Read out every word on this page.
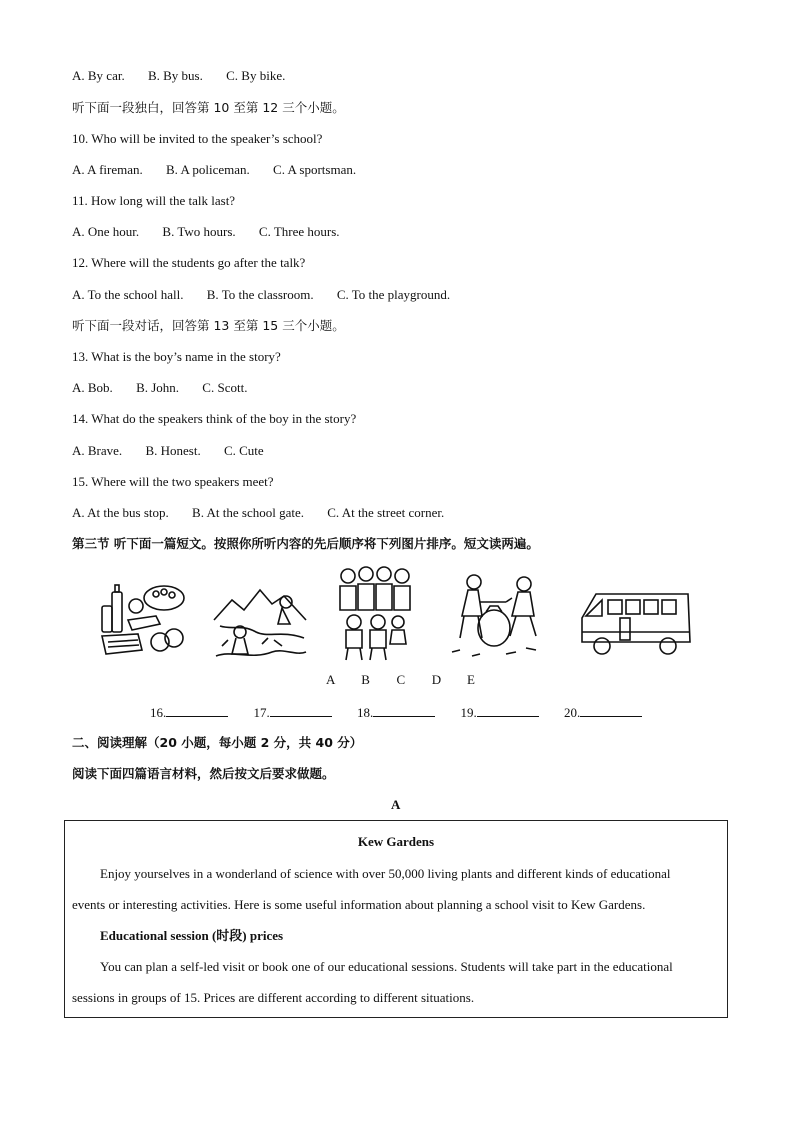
A. By car. B. By bus. C. By bike.
听下面一段独白，回答第 10 至第 12 三个小题。
10. Who will be invited to the speaker’s school?
A. A fireman. B. A policeman. C. A sportsman.
11. How long will the talk last?
A. One hour. B. Two hours. C. Three hours.
12. Where will the students go after the talk?
A. To the school hall. B. To the classroom. C. To the playground.
听下面一段对话，回答第 13 至第 15 三个小题。
13. What is the boy’s name in the story?
A. Bob. B. John. C. Scott.
14. What do the speakers think of the boy in the story?
A. Brave. B. Honest. C. Cute
15. Where will the two speakers meet?
A. At the bus stop. B. At the school gate. C. At the street corner.
第三节 听下面一篇短文。按照你所听内容的先后顺序将下列图片排序。短文读两遍。
A B C D E
16.	17.	18.	19.	20.
二、阅读理解（20 小题，每小题 2 分，共 40 分）
阅读下面四篇语言材料，然后按文后要求做题。
A
Kew Gardens
Enjoy yourselves in a wonderland of science with over 50,000 living plants and different kinds of educational
events or interesting activities. Here is some useful information about planning a school visit to Kew Gardens.
Educational session (时段) prices
You can plan a self-led visit or book one of our educational sessions. Students will take part in the educational
sessions in groups of 15. Prices are different according to different situations.
